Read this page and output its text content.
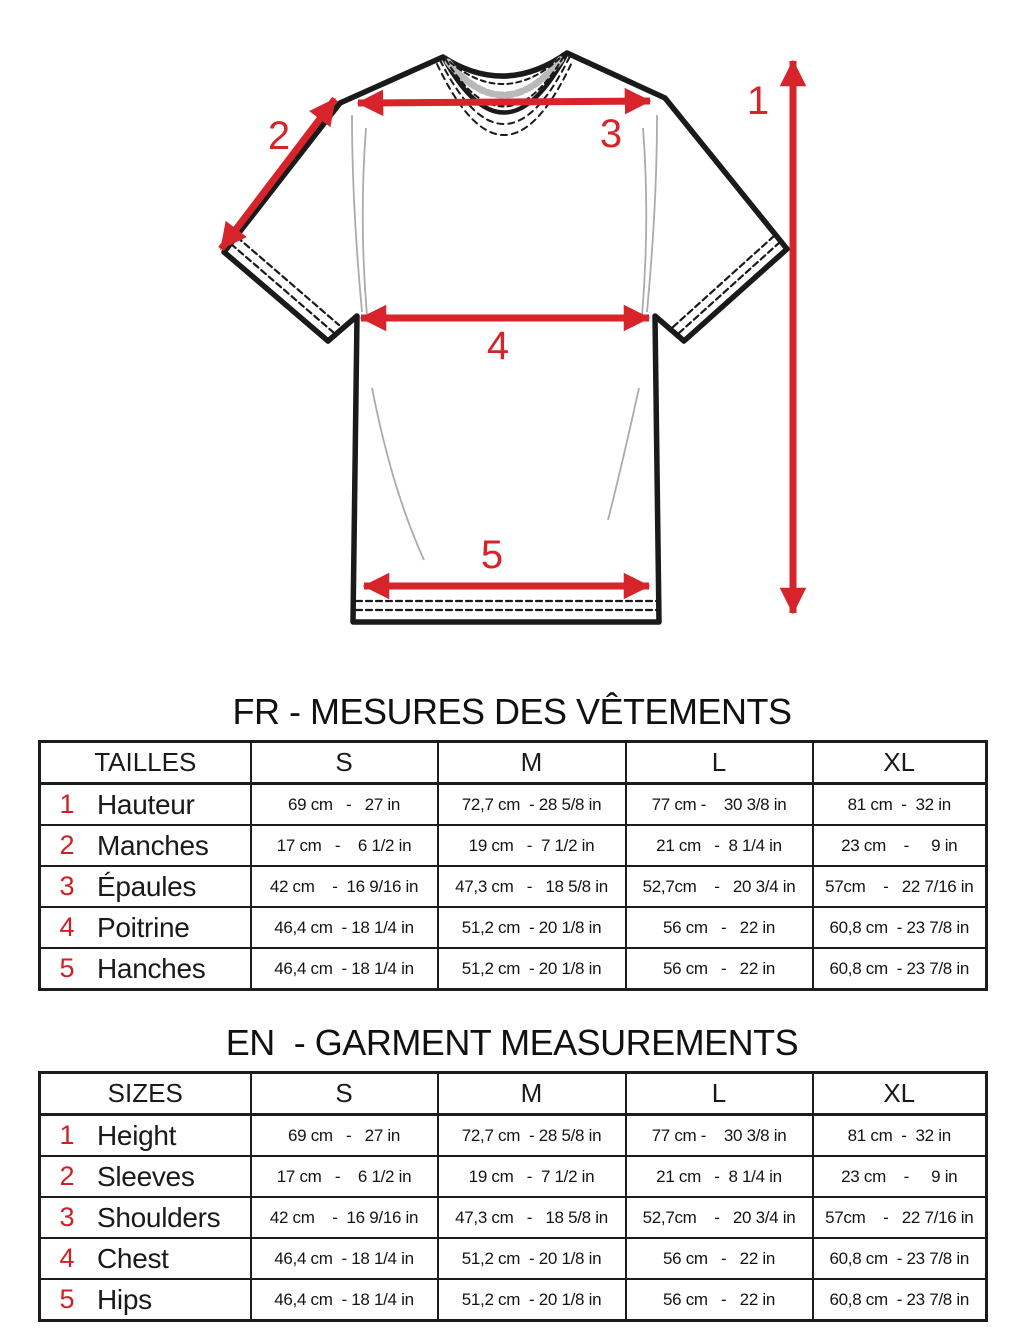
1
2	3
4
5
FR - MESURES DES VÊTEMENTS
TAILLES	S	M	L	XL

1 Hauteur	69 cm   -   27 in	72,7 cm  - 28 5/8 in	77 cm -    30 3/8 in	81 cm  -  32 in

2 Manches	17 cm   -    6 1/2 in	19 cm   -  7 1/2 in	21 cm   -  8 1/4 in	23 cm    -     9 in

3 Épaules	42 cm    -  16 9/16 in	47,3 cm   -   18 5/8 in	52,7cm    -   20 3/4 in	57cm    -   22 7/16 in

4 Poitrine	46,4 cm  - 18 1/4 in	51,2 cm  - 20 1/8 in	56 cm   -   22 in	60,8 cm  - 23 7/8 in

5 Hanches	46,4 cm  - 18 1/4 in	51,2 cm  - 20 1/8 in	56 cm   -   22 in	60,8 cm  - 23 7/8 in
EN  - GARMENT MEASUREMENTS
SIZES	S	M	L	XL

1 Height	69 cm   -   27 in	72,7 cm  - 28 5/8 in	77 cm -    30 3/8 in	81 cm  -  32 in

2 Sleeves	17 cm   -    6 1/2 in	19 cm   -  7 1/2 in	21 cm   -  8 1/4 in	23 cm    -     9 in

3 Shoulders	42 cm    -  16 9/16 in	47,3 cm   -   18 5/8 in	52,7cm    -   20 3/4 in	57cm    -   22 7/16 in

4 Chest	46,4 cm  - 18 1/4 in	51,2 cm  - 20 1/8 in	56 cm   -   22 in	60,8 cm  - 23 7/8 in

5 Hips	46,4 cm  - 18 1/4 in	51,2 cm  - 20 1/8 in	56 cm   -   22 in	60,8 cm  - 23 7/8 in
